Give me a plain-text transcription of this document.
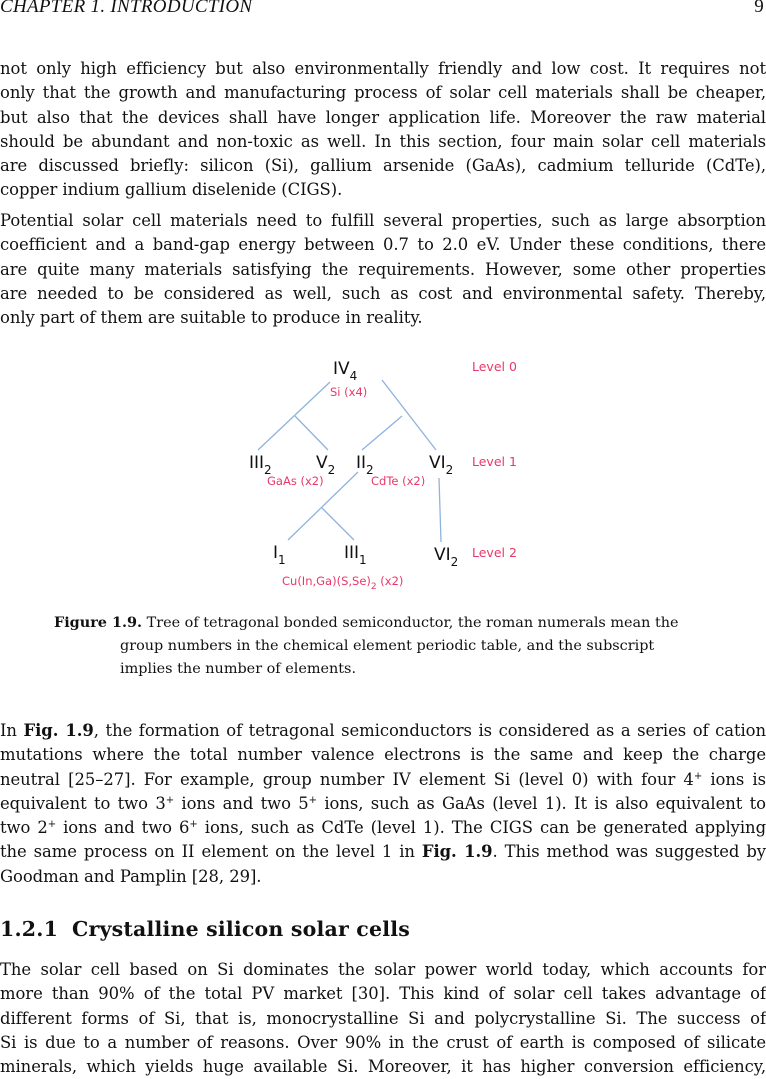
CHAPTER 1. INTRODUCTION	9
not only high efficiency but also environmentally friendly and low cost. It requires not
only that the growth and manufacturing process of solar cell materials shall be cheaper,
but also that the devices shall have longer application life. Moreover the raw material
should be abundant and non-toxic as well. In this section, four main solar cell materials
are discussed briefly: silicon (Si), gallium arsenide (GaAs), cadmium telluride (CdTe),
copper indium gallium diselenide (CIGS).
Potential solar cell materials need to fulfill several properties, such as large absorption
coefficient and a band-gap energy between 0.7 to 2.0 eV. Under these conditions, there
are quite many materials satisfying the requirements. However, some other properties
are needed to be considered as well, such as cost and environmental safety. Thereby,
only part of them are suitable to produce in reality.
$IV_4$
Si (x4)
Level 0
$III_2$	$V_2$ $II_2$	$VI_2$
GaAs (x2)	CdTe (x2)
Level 1
$I_1$	$III_1$	$VI_2$
$Cu(In,Ga)(S,Se)_2$ (x2)
Level 2
Figure 1.9. Tree of tetragonal bonded semiconductor, the roman numerals mean the
group numbers in the chemical element periodic table, and the subscript
implies the number of elements.
In Fig. 1.9, the formation of tetragonal semiconductors is considered as a series of cation
mutations where the total number valence electrons is the same and keep the charge
neutral [25–27]. For example, group number IV element Si (level 0) with four 4+ ions is
equivalent to two 3+ ions and two 5+ ions, such as GaAs (level 1). It is also equivalent to
two 2+ ions and two 6+ ions, such as CdTe (level 1). The CIGS can be generated applying
the same process on II element on the level 1 in Fig. 1.9. This method was suggested by
Goodman and Pamplin [28, 29].
1.2.1 Crystalline silicon solar cells
The solar cell based on Si dominates the solar power world today, which accounts for
more than 90% of the total PV market [30]. This kind of solar cell takes advantage of
different forms of Si, that is, monocrystalline Si and polycrystalline Si. The success of
Si is due to a number of reasons. Over 90% in the crust of earth is composed of silicate
minerals, which yields huge available Si. Moreover, it has higher conversion efficiency,
